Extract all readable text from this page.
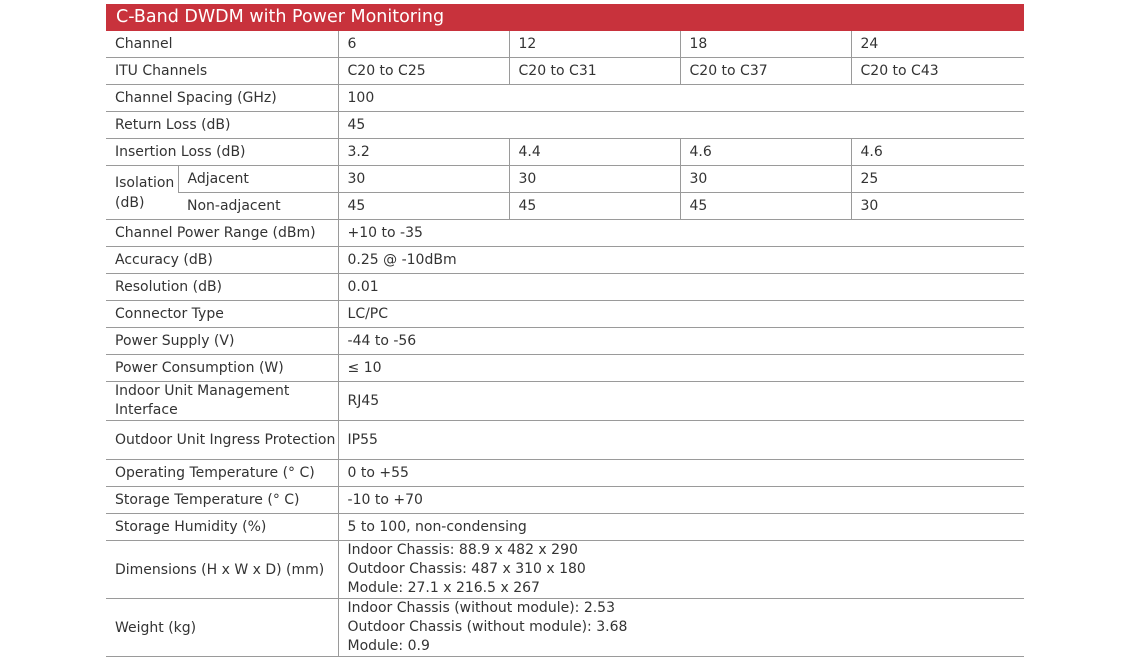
C-Band DWDM with Power Monitoring
Channel		6	12	18	24
ITU Channels		C20 to C25	C20 to C31	C20 to C37	C20 to C43
Channel Spacing (GHz)		100			
Return Loss (dB)		45			
Insertion Loss (dB)		3.2	4.4	4.6	4.6
Isolation (dB)	Adjacent	30	30	30	25
	Non-adjacent	45	45	45	30
Channel Power Range (dBm)		+10 to -35			
Accuracy (dB)		0.25 @ -10dBm			
Resolution (dB)		0.01			
Connector Type		LC/PC			
Power Supply (V)		-44 to -56			
Power Consumption (W)		≤ 10			
Indoor Unit Management Interface		RJ45			
Outdoor Unit Ingress Protection		IP55			
Operating Temperature (° C)		0 to +55			
Storage Temperature (° C)		-10 to +70			
Storage Humidity (%)		5 to 100, non-condensing			
Dimensions (H x W x D) (mm)		Indoor Chassis: 88.9 x 482 x 290
Outdoor Chassis: 487 x 310 x 180
Module: 27.1 x 216.5 x 267			

Weight (kg)		Indoor Chassis (without module): 2.53
Outdoor Chassis (without module): 3.68
Module: 0.9			
